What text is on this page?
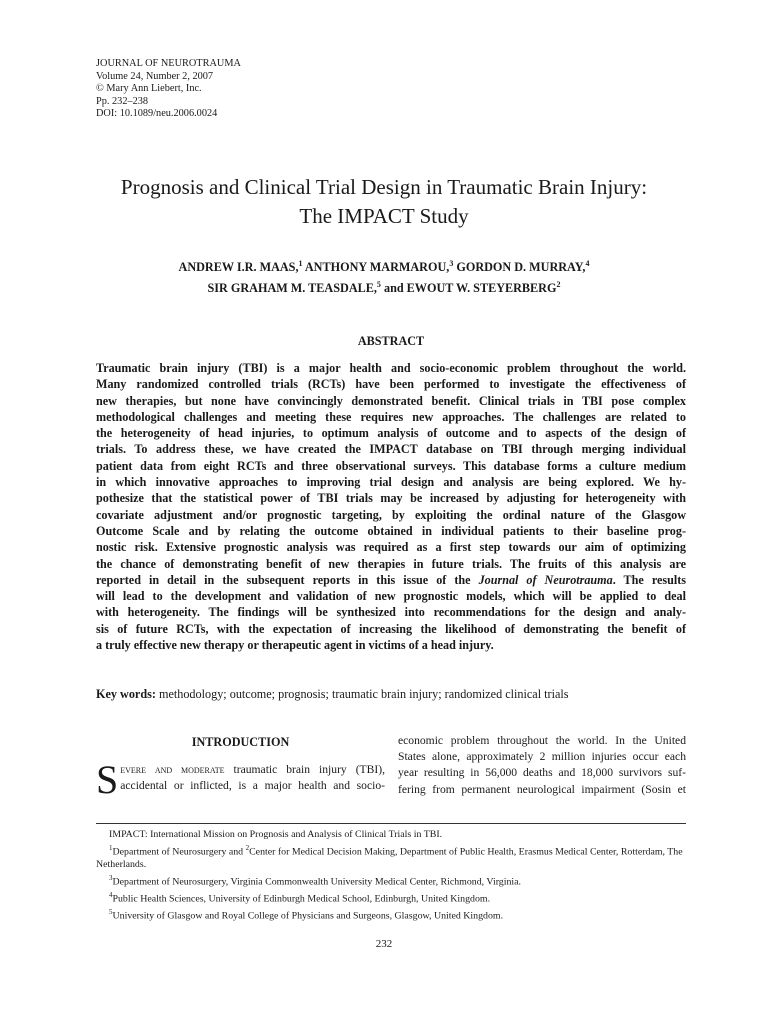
JOURNAL OF NEUROTRAUMA
Volume 24, Number 2, 2007
© Mary Ann Liebert, Inc.
Pp. 232–238
DOI: 10.1089/neu.2006.0024
Prognosis and Clinical Trial Design in Traumatic Brain Injury:
The IMPACT Study
ANDREW I.R. MAAS,$^1$ ANTHONY MARMAROU,$^3$ GORDON D. MURRAY,$^4$
SIR GRAHAM M. TEASDALE,$^5$ and EWOUT W. STEYERBERG$^2$
ABSTRACT
Traumatic brain injury (TBI) is a major health and socio-economic problem throughout the world.
Many randomized controlled trials (RCTs) have been performed to investigate the effectiveness of
new therapies, but none have convincingly demonstrated benefit. Clinical trials in TBI pose complex
methodological challenges and meeting these requires new approaches. The challenges are related to
the heterogeneity of head injuries, to optimum analysis of outcome and to aspects of the design of
trials. To address these, we have created the IMPACT database on TBI through merging individual
patient data from eight RCTs and three observational surveys. This database forms a culture medium
in which innovative approaches to improving trial design and analysis are being explored. We hy-
pothesize that the statistical power of TBI trials may be increased by adjusting for heterogeneity with
covariate adjustment and/or prognostic targeting, by exploiting the ordinal nature of the Glasgow
Outcome Scale and by relating the outcome obtained in individual patients to their baseline prog-
nostic risk. Extensive prognostic analysis was required as a first step towards our aim of optimizing
the chance of demonstrating benefit of new therapies in future trials. The fruits of this analysis are
reported in detail in the subsequent reports in this issue of the Journal of Neurotrauma. The results
will lead to the development and validation of new prognostic models, which will be applied to deal
with heterogeneity. The findings will be synthesized into recommendations for the design and analy-
sis of future RCTs, with the expectation of increasing the likelihood of demonstrating the benefit of
a truly effective new therapy or therapeutic agent in victims of a head injury.
Key words: methodology; outcome; prognosis; traumatic brain injury; randomized clinical trials
INTRODUCTION
S evere and moderate traumatic brain injury (TBI),
accidental or inflicted, is a major health and socio-
economic problem throughout the world. In the United
States alone, approximately 2 million injuries occur each
year resulting in 56,000 deaths and 18,000 survivors suf-
fering from permanent neurological impairment (Sosin et

IMPACT: International Mission on Prognosis and Analysis of Clinical Trials in TBI.

$^1$Department of Neurosurgery and $^2$Center for Medical Decision Making, Department of Public Health, Erasmus Medical Center, Rotterdam, The Netherlands.

$^3$Department of Neurosurgery, Virginia Commonwealth University Medical Center, Richmond, Virginia.

$^4$Public Health Sciences, University of Edinburgh Medical School, Edinburgh, United Kingdom.

$^5$University of Glasgow and Royal College of Physicians and Surgeons, Glasgow, United Kingdom.

232
